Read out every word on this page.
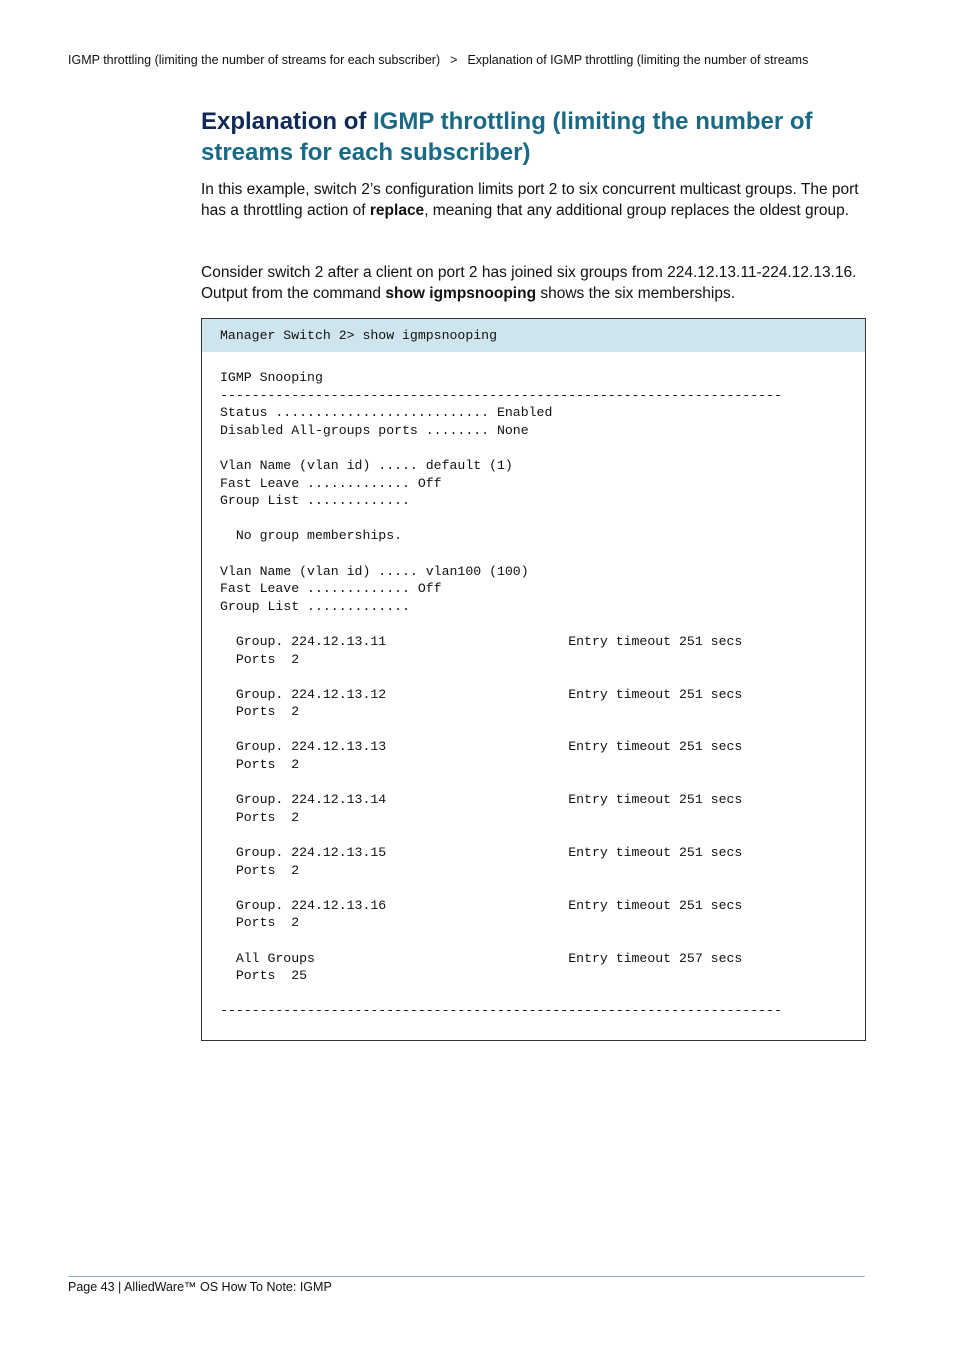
IGMP throttling (limiting the number of streams for each subscriber) > Explanation of IGMP throttling (limiting the number of streams
Explanation of IGMP throttling (limiting the number of streams for each subscriber)

In this example, switch 2’s configuration limits port 2 to six concurrent multicast groups. The port has a throttling action of replace, meaning that any additional group replaces the oldest group.

Consider switch 2 after a client on port 2 has joined six groups from 224.12.13.11-224.12.13.16. Output from the command show igmpsnooping shows the six memberships.

Manager Switch 2> show igmpsnooping
IGMP Snooping
-----------------------------------------------------------------------
Status ........................... Enabled
Disabled All-groups ports ........ None

Vlan Name (vlan id) ..... default (1)
Fast Leave ............. Off
Group List .............

No group memberships.

Vlan Name (vlan id) ..... vlan100 (100)
Fast Leave ............. Off
Group List .............

Group. 224.12.13.11                       Entry timeout 251 secs
Ports  2

Group. 224.12.13.12                       Entry timeout 251 secs
Ports  2

Group. 224.12.13.13                       Entry timeout 251 secs
Ports  2

Group. 224.12.13.14                       Entry timeout 251 secs
Ports  2

Group. 224.12.13.15                       Entry timeout 251 secs
Ports  2

Group. 224.12.13.16                       Entry timeout 251 secs
Ports  2

All Groups                                Entry timeout 257 secs
Ports  25

-----------------------------------------------------------------------
Page 43 | AlliedWare™ OS How To Note: IGMP
